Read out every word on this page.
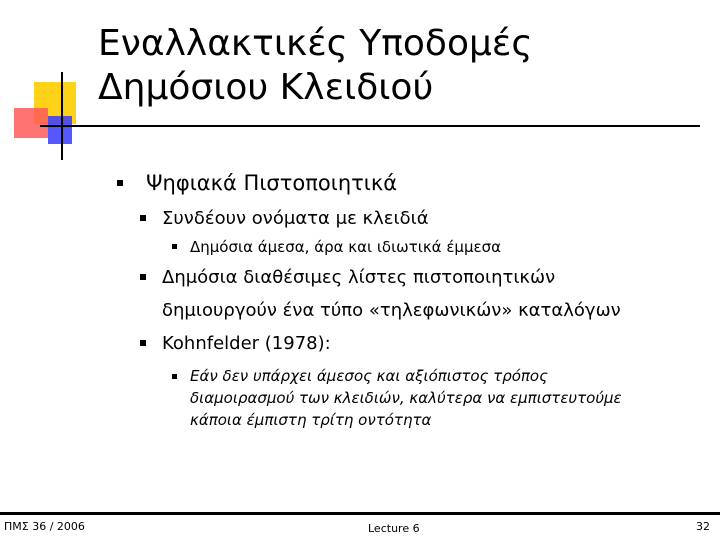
Εναλλακτικές Υποδομές
Δημόσιου Κλειδιού
Ψηφιακά Πιστοποιητικά
Συνδέουν ονόματα με κλειδιά
Δημόσια άμεσα, άρα και ιδιωτικά έμμεσα
Δημόσια διαθέσιμες λίστες πιστοποιητικών
δημιουργούν ένα τύπο «τηλεφωνικών» καταλόγων
Kohnfelder (1978):
Εάν δεν υπάρχει άμεσος και αξιόπιστος τρόπος
διαμοιρασμού των κλειδιών, καλύτερα να εμπιστευτούμε
κάποια έμπιστη τρίτη οντότητα
ΠΜΣ 36 / 2006	Lecture 6	32
